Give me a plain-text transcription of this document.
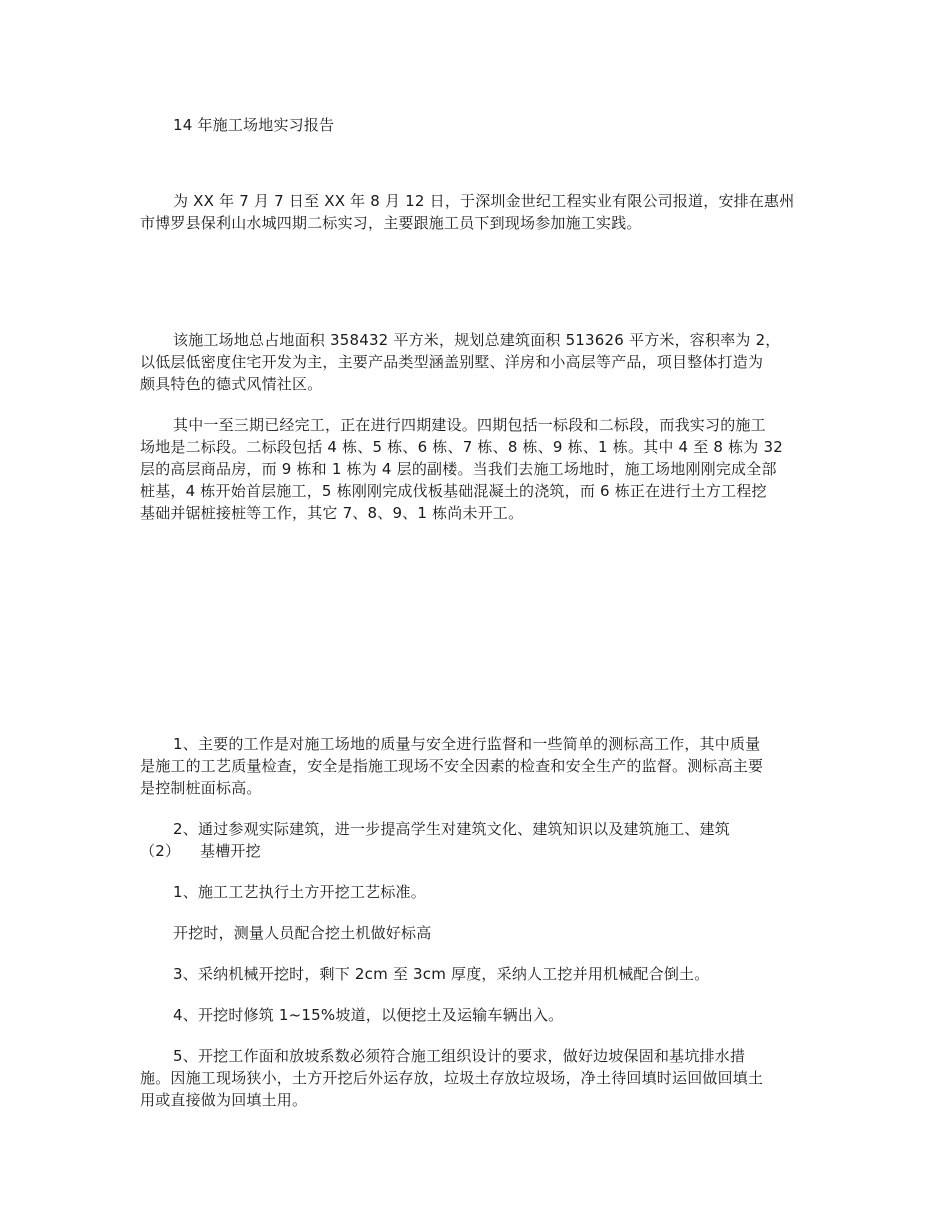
14 年施工场地实习报告

为 XX 年 7 月 7 日至 XX 年 8 月 12 日，于深圳金世纪工程实业有限公司报道，安排在惠州
市博罗县保利山水城四期二标实习，主要跟施工员下到现场参加施工实践。

该施工场地总占地面积 358432 平方米，规划总建筑面积 513626 平方米，容积率为 2，
以低层低密度住宅开发为主，主要产品类型涵盖别墅、洋房和小高层等产品，项目整体打造为
颇具特色的德式风情社区。

其中一至三期已经完工，正在进行四期建设。四期包括一标段和二标段，而我实习的施工
场地是二标段。二标段包括 4 栋、5 栋、6 栋、7 栋、8 栋、9 栋、1 栋。其中 4 至 8 栋为 32
层的高层商品房，而 9 栋和 1 栋为 4 层的副楼。当我们去施工场地时，施工场地刚刚完成全部
桩基，4 栋开始首层施工，5 栋刚刚完成伐板基础混凝土的浇筑，而 6 栋正在进行土方工程挖
基础并锯桩接桩等工作，其它 7、8、9、1 栋尚未开工。

1、主要的工作是对施工场地的质量与安全进行监督和一些简单的测标高工作，其中质量
是施工的工艺质量检查，安全是指施工现场不安全因素的检查和安全生产的监督。测标高主要
是控制桩面标高。

2、通过参观实际建筑，进一步提高学生对建筑文化、建筑知识以及建筑施工、建筑
（2）    基槽开挖

1、施工工艺执行土方开挖工艺标准。

开挖时，测量人员配合挖土机做好标高

3、采纳机械开挖时，剩下 2cm 至 3cm 厚度，采纳人工挖并用机械配合倒土。

4、开挖时修筑 1~15%坡道，以便挖土及运输车辆出入。

5、开挖工作面和放坡系数必须符合施工组织设计的要求，做好边坡保固和基坑排水措
施。因施工现场狭小，土方开挖后外运存放，垃圾土存放垃圾场，净土待回填时运回做回填土
用或直接做为回填土用。
